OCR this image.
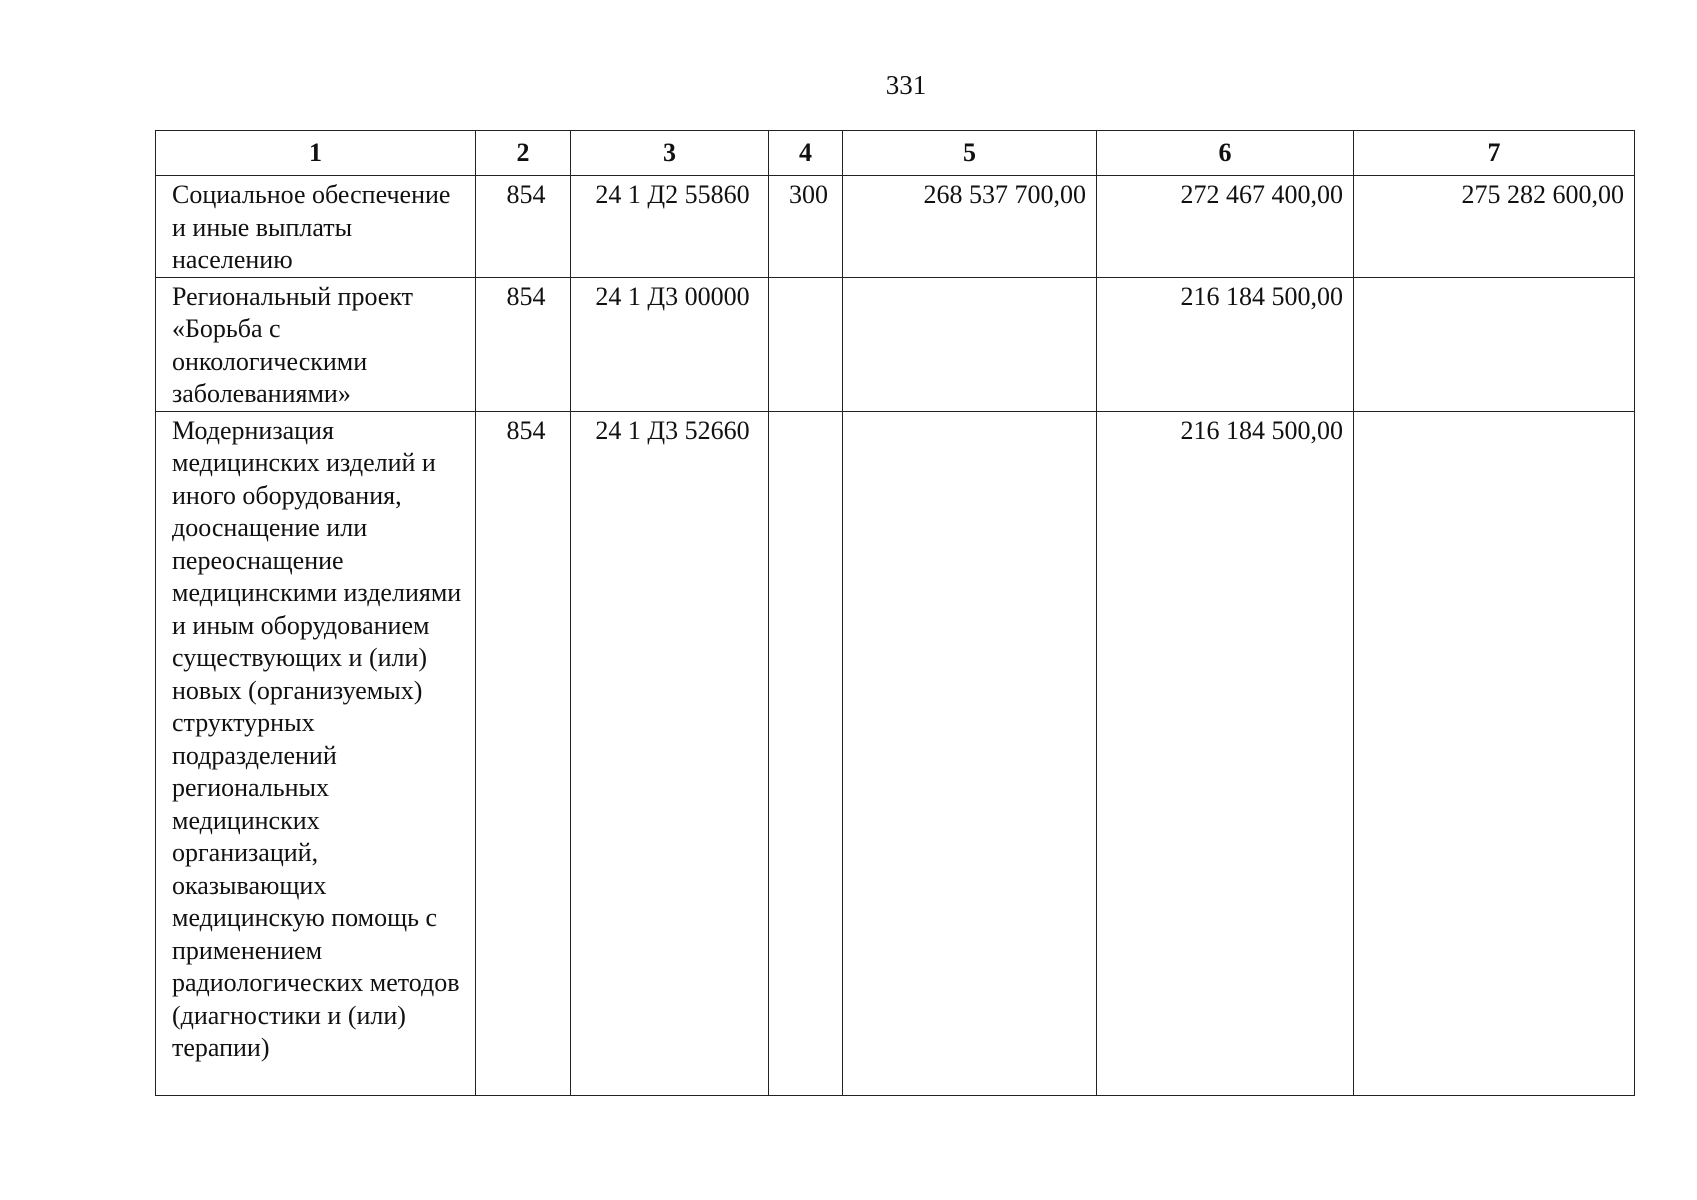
331
1	2	3	4	5	6	7
Социальное обеспечение и иные выплаты населению	854	24 1 Д2 55860	300	268 537 700,00	272 467 400,00	275 282 600,00
Региональный проект «Борьба с онкологическими заболеваниями»	854	24 1 Д3 00000			216 184 500,00	
Модернизация медицинских изделий и иного оборудования, дооснащение или переоснащение медицинскими изделиями и иным оборудованием существующих и (или) новых (организуемых) структурных подразделений региональных медицинских организаций, оказывающих медицинскую помощь с применением радиологических методов (диагностики и (или) терапии)	854	24 1 Д3 52660			216 184 500,00	
